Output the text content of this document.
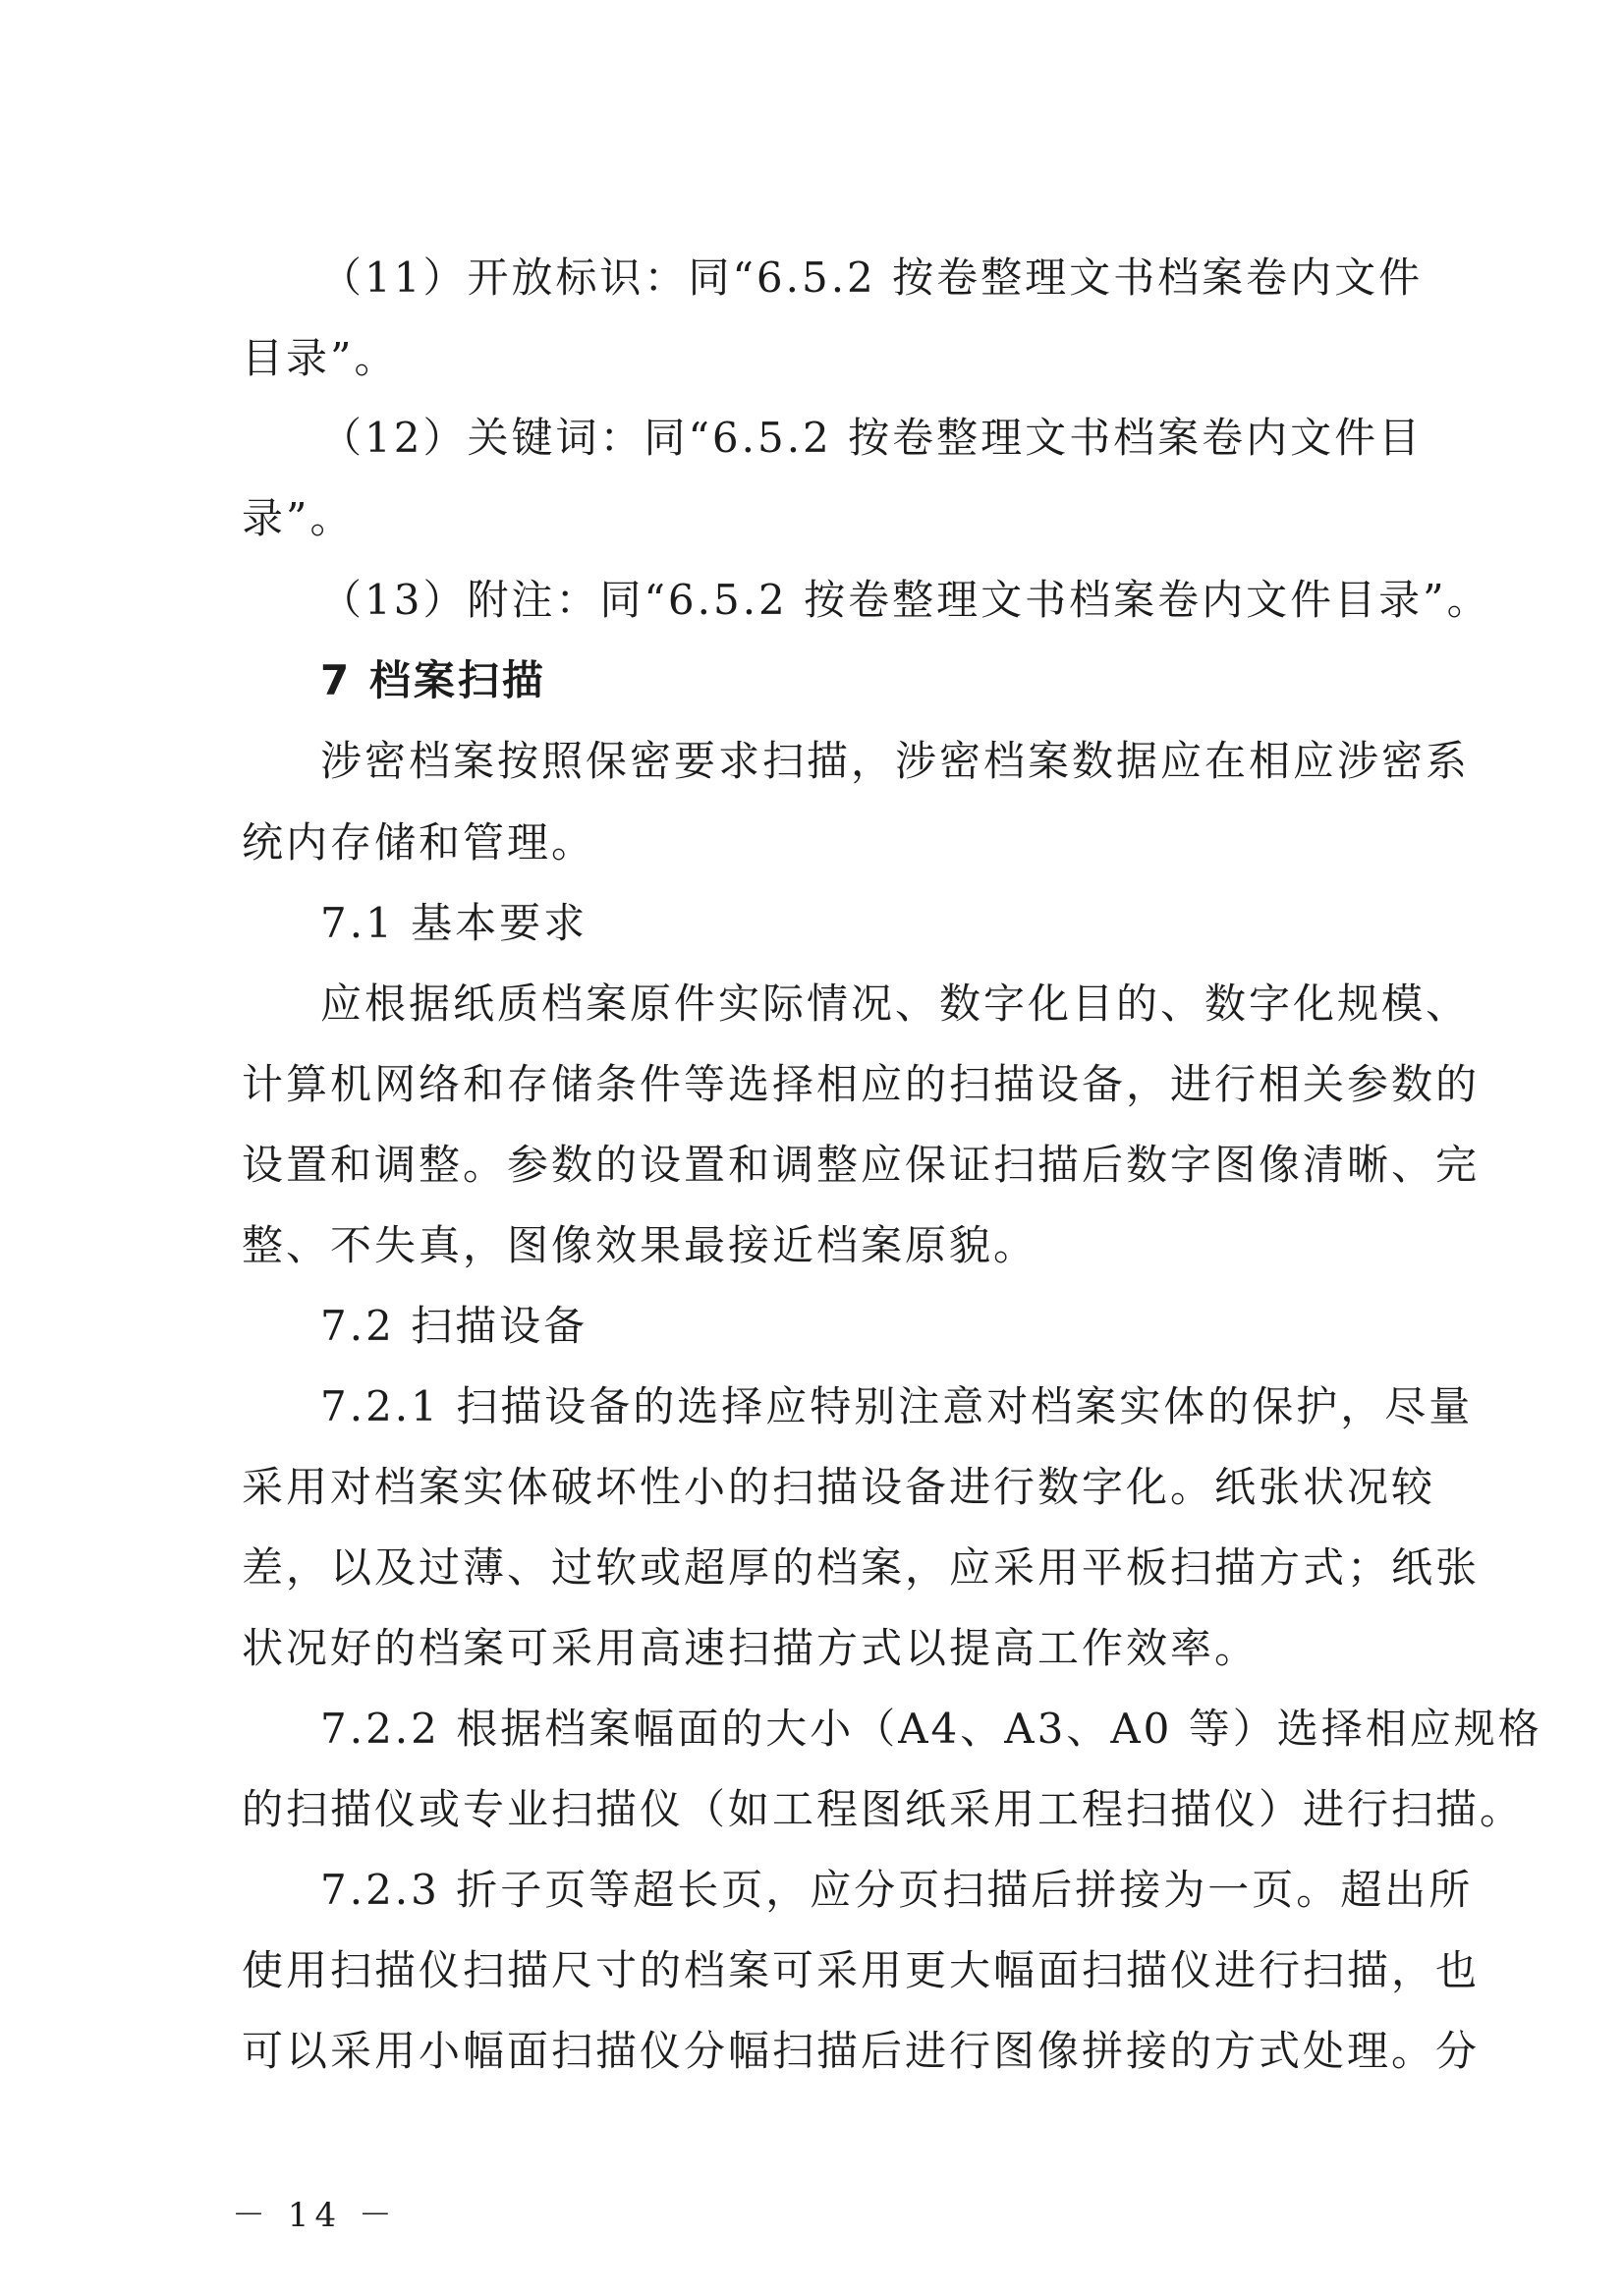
（11）开放标识：同“6.5.2 按卷整理文书档案卷内文件
目录”。
（12）关键词：同“6.5.2 按卷整理文书档案卷内文件目
录”。
（13）附注：同“6.5.2 按卷整理文书档案卷内文件目录”。
7 档案扫描
涉密档案按照保密要求扫描，涉密档案数据应在相应涉密系
统内存储和管理。
7.1 基本要求
应根据纸质档案原件实际情况、数字化目的、数字化规模、
计算机网络和存储条件等选择相应的扫描设备，进行相关参数的
设置和调整。参数的设置和调整应保证扫描后数字图像清晰、完
整、不失真，图像效果最接近档案原貌。
7.2 扫描设备
7.2.1 扫描设备的选择应特别注意对档案实体的保护，尽量
采用对档案实体破坏性小的扫描设备进行数字化。纸张状况较
差，以及过薄、过软或超厚的档案，应采用平板扫描方式；纸张
状况好的档案可采用高速扫描方式以提高工作效率。
7.2.2 根据档案幅面的大小（A4、A3、A0 等）选择相应规格
的扫描仪或专业扫描仪（如工程图纸采用工程扫描仪）进行扫描。
7.2.3 折子页等超长页，应分页扫描后拼接为一页。超出所
使用扫描仪扫描尺寸的档案可采用更大幅面扫描仪进行扫描，也
可以采用小幅面扫描仪分幅扫描后进行图像拼接的方式处理。分
－ 14 －
